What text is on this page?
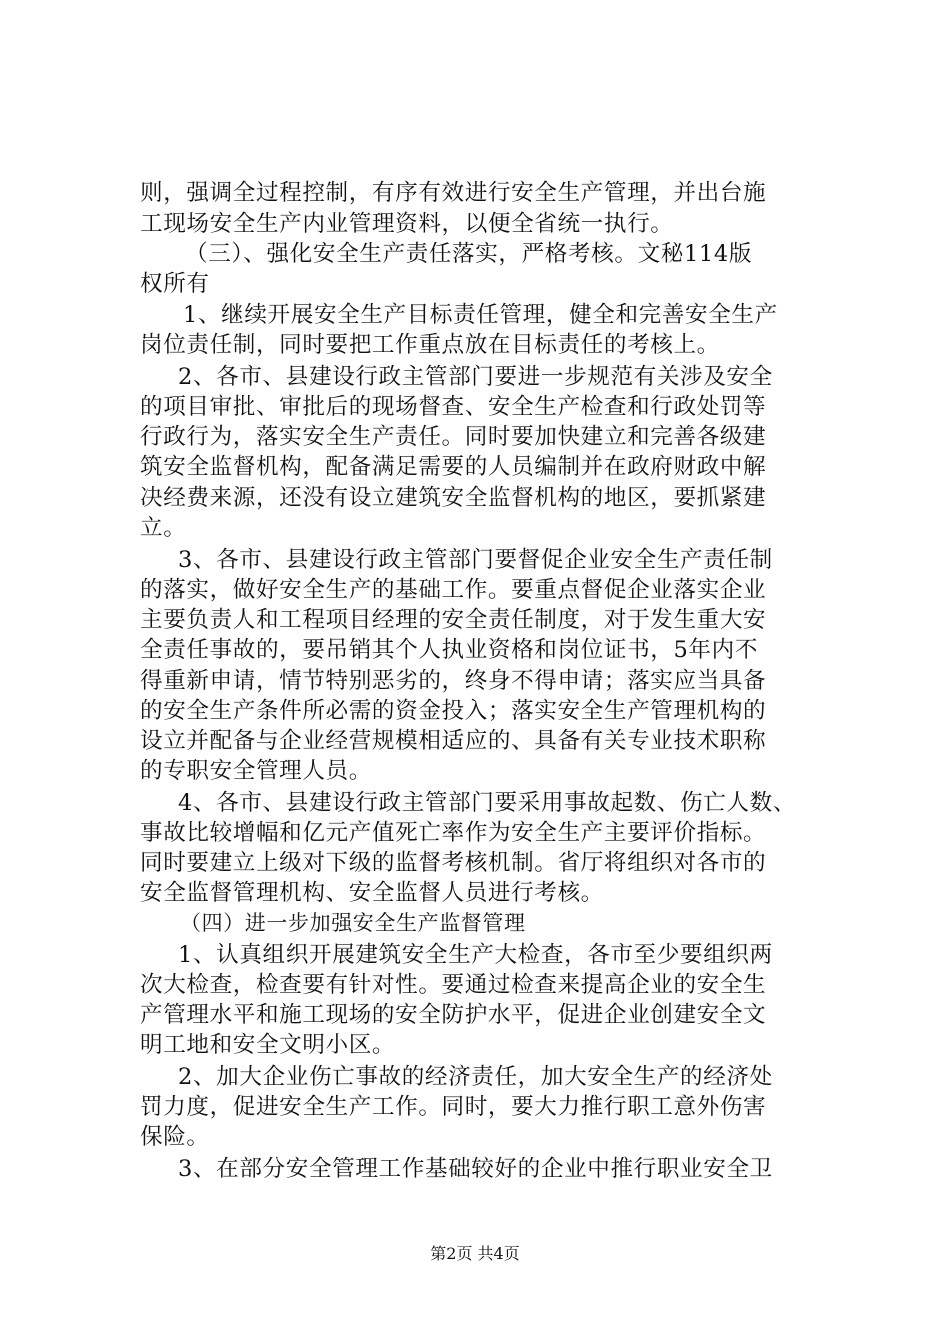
则，强调全过程控制，有序有效进行安全生产管理，并出台施
工现场安全生产内业管理资料，以便全省统一执行。
（三）、强化安全生产责任落实，严格考核。文秘114版
权所有
1、继续开展安全生产目标责任管理，健全和完善安全生产
岗位责任制，同时要把工作重点放在目标责任的考核上。
2、各市、县建设行政主管部门要进一步规范有关涉及安全
的项目审批、审批后的现场督查、安全生产检查和行政处罚等
行政行为，落实安全生产责任。同时要加快建立和完善各级建
筑安全监督机构，配备满足需要的人员编制并在政府财政中解
决经费来源，还没有设立建筑安全监督机构的地区，要抓紧建
立。
3、各市、县建设行政主管部门要督促企业安全生产责任制
的落实，做好安全生产的基础工作。要重点督促企业落实企业
主要负责人和工程项目经理的安全责任制度，对于发生重大安
全责任事故的，要吊销其个人执业资格和岗位证书，5年内不
得重新申请，情节特别恶劣的，终身不得申请；落实应当具备
的安全生产条件所必需的资金投入；落实安全生产管理机构的
设立并配备与企业经营规模相适应的、具备有关专业技术职称
的专职安全管理人员。
4、各市、县建设行政主管部门要采用事故起数、伤亡人数、
事故比较增幅和亿元产值死亡率作为安全生产主要评价指标。
同时要建立上级对下级的监督考核机制。省厅将组织对各市的
安全监督管理机构、安全监督人员进行考核。
（四）进一步加强安全生产监督管理
1、认真组织开展建筑安全生产大检查，各市至少要组织两
次大检查，检查要有针对性。要通过检查来提高企业的安全生
产管理水平和施工现场的安全防护水平，促进企业创建安全文
明工地和安全文明小区。
2、加大企业伤亡事故的经济责任，加大安全生产的经济处
罚力度，促进安全生产工作。同时，要大力推行职工意外伤害
保险。
3、在部分安全管理工作基础较好的企业中推行职业安全卫
第2页 共4页
